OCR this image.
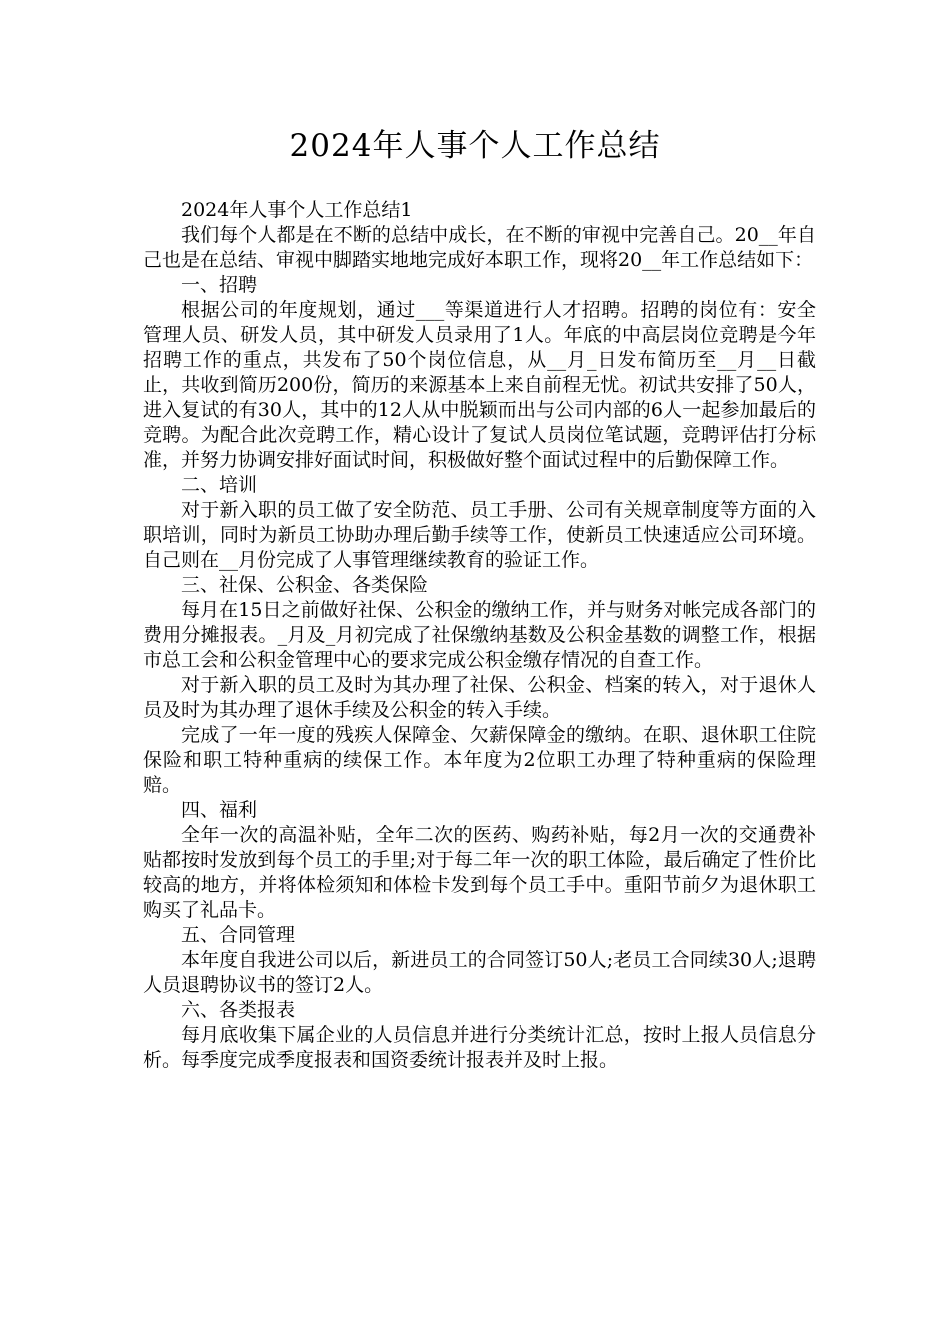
2024年人事个人工作总结

2024年人事个人工作总结1

我们每个人都是在不断的总结中成长，在不断的审视中完善自己。20__年自己也是在总结、审视中脚踏实地地完成好本职工作，现将20__年工作总结如下：

一、招聘

根据公司的年度规划，通过___等渠道进行人才招聘。招聘的岗位有：安全管理人员、研发人员，其中研发人员录用了1人。年底的中高层岗位竞聘是今年招聘工作的重点，共发布了50个岗位信息，从__月_日发布简历至__月__日截止，共收到简历200份，简历的来源基本上来自前程无忧。初试共安排了50人，进入复试的有30人，其中的12人从中脱颖而出与公司内部的6人一起参加最后的竞聘。为配合此次竞聘工作，精心设计了复试人员岗位笔试题，竞聘评估打分标准，并努力协调安排好面试时间，积极做好整个面试过程中的后勤保障工作。

二、培训

对于新入职的员工做了安全防范、员工手册、公司有关规章制度等方面的入职培训，同时为新员工协助办理后勤手续等工作，使新员工快速适应公司环境。自己则在__月份完成了人事管理继续教育的验证工作。

三、社保、公积金、各类保险

每月在15日之前做好社保、公积金的缴纳工作，并与财务对帐完成各部门的费用分摊报表。_月及_月初完成了社保缴纳基数及公积金基数的调整工作，根据市总工会和公积金管理中心的要求完成公积金缴存情况的自查工作。

对于新入职的员工及时为其办理了社保、公积金、档案的转入，对于退休人员及时为其办理了退休手续及公积金的转入手续。

完成了一年一度的残疾人保障金、欠薪保障金的缴纳。在职、退休职工住院保险和职工特种重病的续保工作。本年度为2位职工办理了特种重病的保险理赔。

四、福利

全年一次的高温补贴，全年二次的医药、购药补贴，每2月一次的交通费补贴都按时发放到每个员工的手里;对于每二年一次的职工体险，最后确定了性价比较高的地方，并将体检须知和体检卡发到每个员工手中。重阳节前夕为退休职工购买了礼品卡。

五、合同管理

本年度自我进公司以后，新进员工的合同签订50人;老员工合同续30人;退聘人员退聘协议书的签订2人。

六、各类报表

每月底收集下属企业的人员信息并进行分类统计汇总，按时上报人员信息分析。每季度完成季度报表和国资委统计报表并及时上报。
